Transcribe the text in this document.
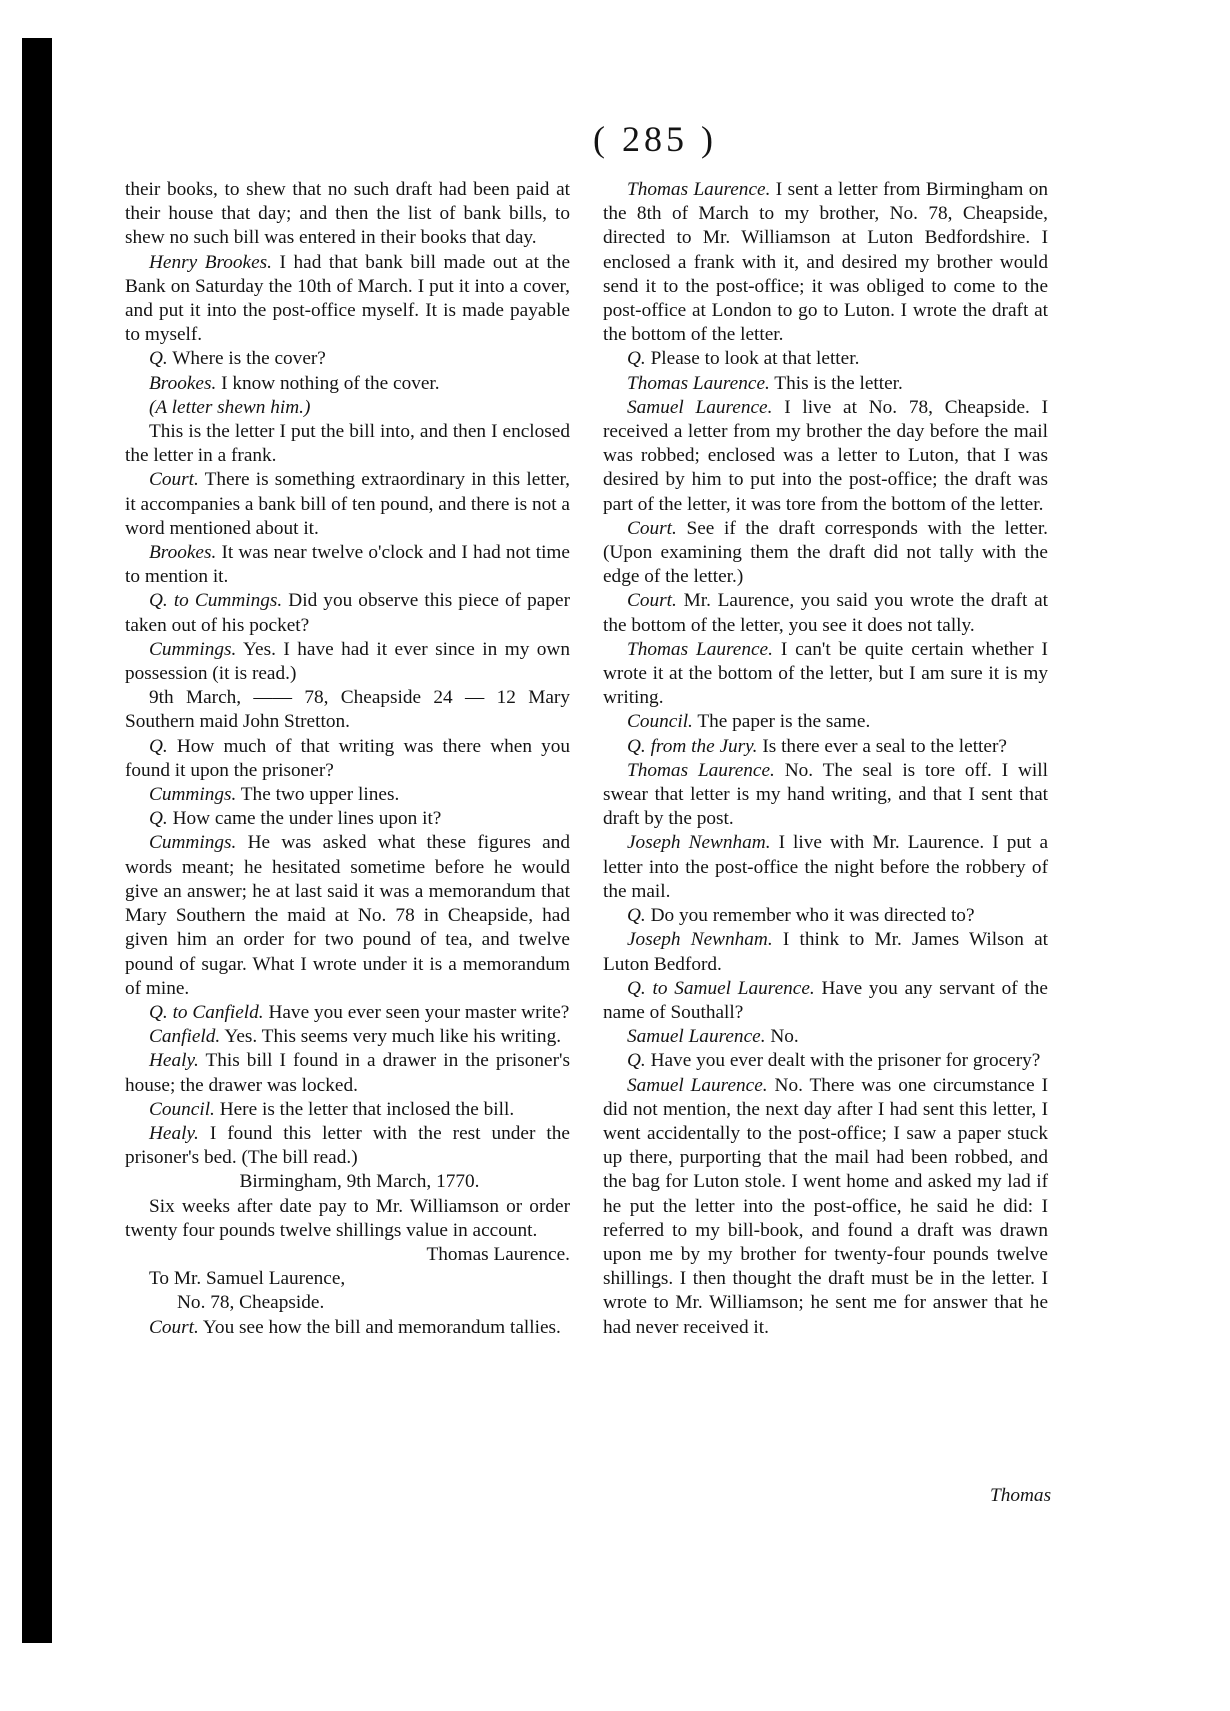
( 285 )

their books, to shew that no such draft had been paid at their house that day; and then the list of bank bills, to shew no such bill was entered in their books that day.

Henry Brookes. I had that bank bill made out at the Bank on Saturday the 10th of March. I put it into a cover, and put it into the post-office myself. It is made payable to myself.

Q. Where is the cover?

Brookes. I know nothing of the cover.

(A letter shewn him.)

This is the letter I put the bill into, and then I enclosed the letter in a frank.

Court. There is something extraordinary in this letter, it accompanies a bank bill of ten pound, and there is not a word mentioned about it.

Brookes. It was near twelve o'clock and I had not time to mention it.

Q. to Cummings. Did you observe this piece of paper taken out of his pocket?

Cummings. Yes. I have had it ever since in my own possession (it is read.)

9th March, —— 78, Cheapside 24 — 12 Mary Southern maid John Stretton.

Q. How much of that writing was there when you found it upon the prisoner?

Cummings. The two upper lines.

Q. How came the under lines upon it?

Cummings. He was asked what these figures and words meant; he hesitated sometime before he would give an answer; he at last said it was a memorandum that Mary Southern the maid at No. 78 in Cheapside, had given him an order for two pound of tea, and twelve pound of sugar. What I wrote under it is a memorandum of mine.

Q. to Canfield. Have you ever seen your master write?

Canfield. Yes. This seems very much like his writing.

Healy. This bill I found in a drawer in the prisoner's house; the drawer was locked.

Council. Here is the letter that inclosed the bill.

Healy. I found this letter with the rest under the prisoner's bed. (The bill read.)

Birmingham, 9th March, 1770.

Six weeks after date pay to Mr. Williamson or order twenty four pounds twelve shillings value in account.

Thomas Laurence.

To Mr. Samuel Laurence,

No. 78, Cheapside.

Court. You see how the bill and memorandum tallies.

Thomas Laurence. I sent a letter from Birmingham on the 8th of March to my brother, No. 78, Cheapside, directed to Mr. Williamson at Luton Bedfordshire. I enclosed a frank with it, and desired my brother would send it to the post-office; it was obliged to come to the post-office at London to go to Luton. I wrote the draft at the bottom of the letter.

Q. Please to look at that letter.

Thomas Laurence. This is the letter.

Samuel Laurence. I live at No. 78, Cheapside. I received a letter from my brother the day before the mail was robbed; enclosed was a letter to Luton, that I was desired by him to put into the post-office; the draft was part of the letter, it was tore from the bottom of the letter.

Court. See if the draft corresponds with the letter. (Upon examining them the draft did not tally with the edge of the letter.)

Court. Mr. Laurence, you said you wrote the draft at the bottom of the letter, you see it does not tally.

Thomas Laurence. I can't be quite certain whether I wrote it at the bottom of the letter, but I am sure it is my writing.

Council. The paper is the same.

Q. from the Jury. Is there ever a seal to the letter?

Thomas Laurence. No. The seal is tore off. I will swear that letter is my hand writing, and that I sent that draft by the post.

Joseph Newnham. I live with Mr. Laurence. I put a letter into the post-office the night before the robbery of the mail.

Q. Do you remember who it was directed to?

Joseph Newnham. I think to Mr. James Wilson at Luton Bedford.

Q. to Samuel Laurence. Have you any servant of the name of Southall?

Samuel Laurence. No.

Q. Have you ever dealt with the prisoner for grocery?

Samuel Laurence. No. There was one circumstance I did not mention, the next day after I had sent this letter, I went accidentally to the post-office; I saw a paper stuck up there, purporting that the mail had been robbed, and the bag for Luton stole. I went home and asked my lad if he put the letter into the post-office, he said he did: I referred to my bill-book, and found a draft was drawn upon me by my brother for twenty-four pounds twelve shillings. I then thought the draft must be in the letter. I wrote to Mr. Williamson; he sent me for answer that he had never received it.

Thomas
